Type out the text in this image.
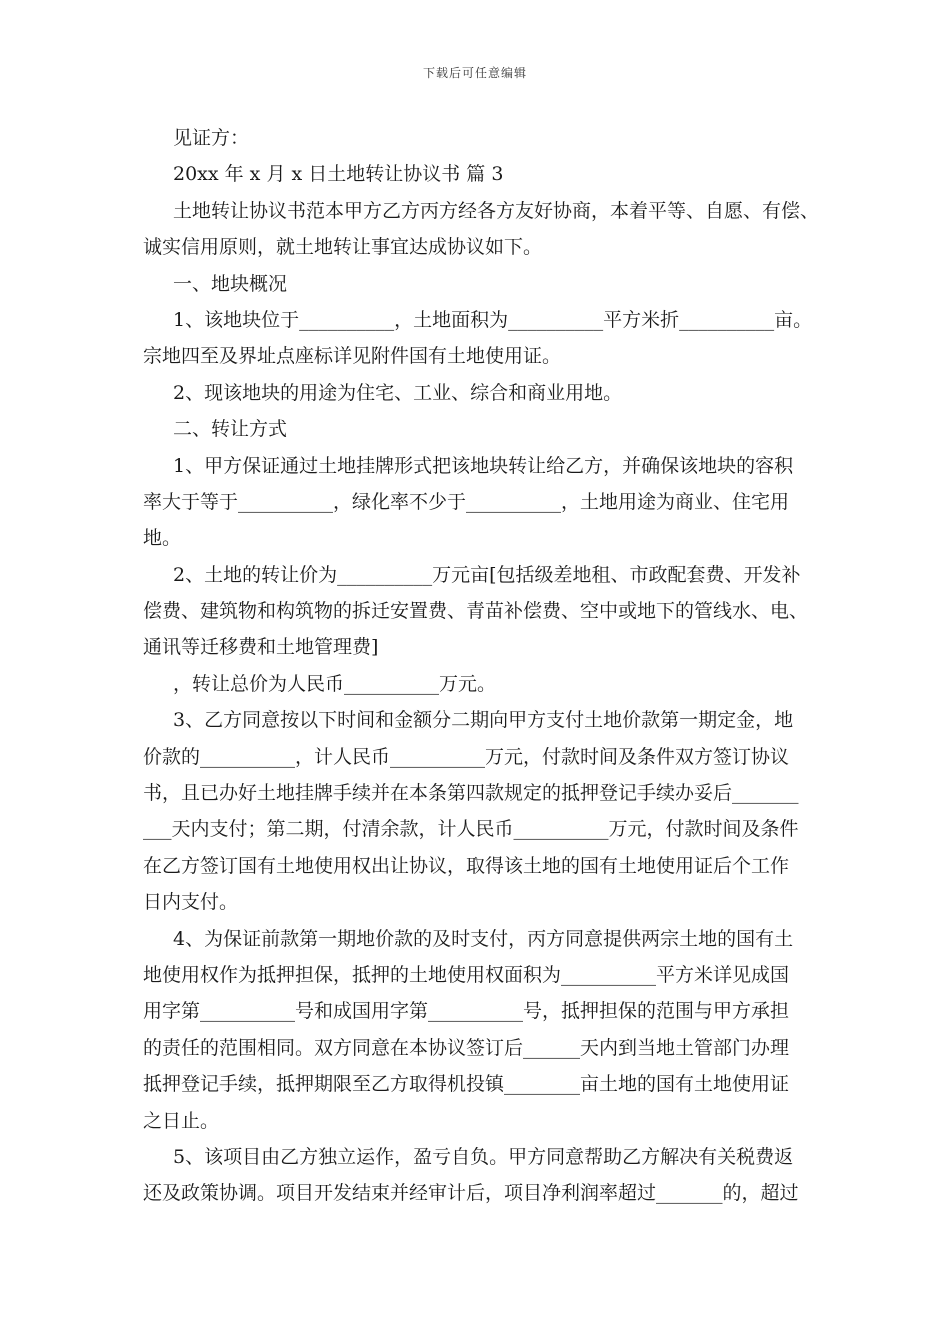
下载后可任意编辑
见证方：
20xx 年 x 月 x 日土地转让协议书 篇 3
土地转让协议书范本甲方乙方丙方经各方友好协商，本着平等、自愿、有偿、
诚实信用原则，就土地转让事宜达成协议如下。
一、地块概况
1、该地块位于__________，土地面积为__________平方米折__________亩。
宗地四至及界址点座标详见附件国有土地使用证。
2、现该地块的用途为住宅、工业、综合和商业用地。
二、转让方式
1、甲方保证通过土地挂牌形式把该地块转让给乙方，并确保该地块的容积
率大于等于__________，绿化率不少于__________，土地用途为商业、住宅用
地。
2、土地的转让价为__________万元亩[包括级差地租、市政配套费、开发补
偿费、建筑物和构筑物的拆迁安置费、青苗补偿费、空中或地下的管线水、电、
通讯等迁移费和土地管理费]
，转让总价为人民币__________万元。
3、乙方同意按以下时间和金额分二期向甲方支付土地价款第一期定金，地
价款的__________，计人民币__________万元，付款时间及条件双方签订协议
书，且已办好土地挂牌手续并在本条第四款规定的抵押登记手续办妥后_______
___天内支付；第二期，付清余款，计人民币__________万元，付款时间及条件
在乙方签订国有土地使用权出让协议，取得该土地的国有土地使用证后个工作
日内支付。
4、为保证前款第一期地价款的及时支付，丙方同意提供两宗土地的国有土
地使用权作为抵押担保，抵押的土地使用权面积为__________平方米详见成国
用字第__________号和成国用字第__________号，抵押担保的范围与甲方承担
的责任的范围相同。双方同意在本协议签订后______天内到当地土管部门办理
抵押登记手续，抵押期限至乙方取得机投镇________亩土地的国有土地使用证
之日止。
5、该项目由乙方独立运作，盈亏自负。甲方同意帮助乙方解决有关税费返
还及政策协调。项目开发结束并经审计后，项目净利润率超过_______的，超过
